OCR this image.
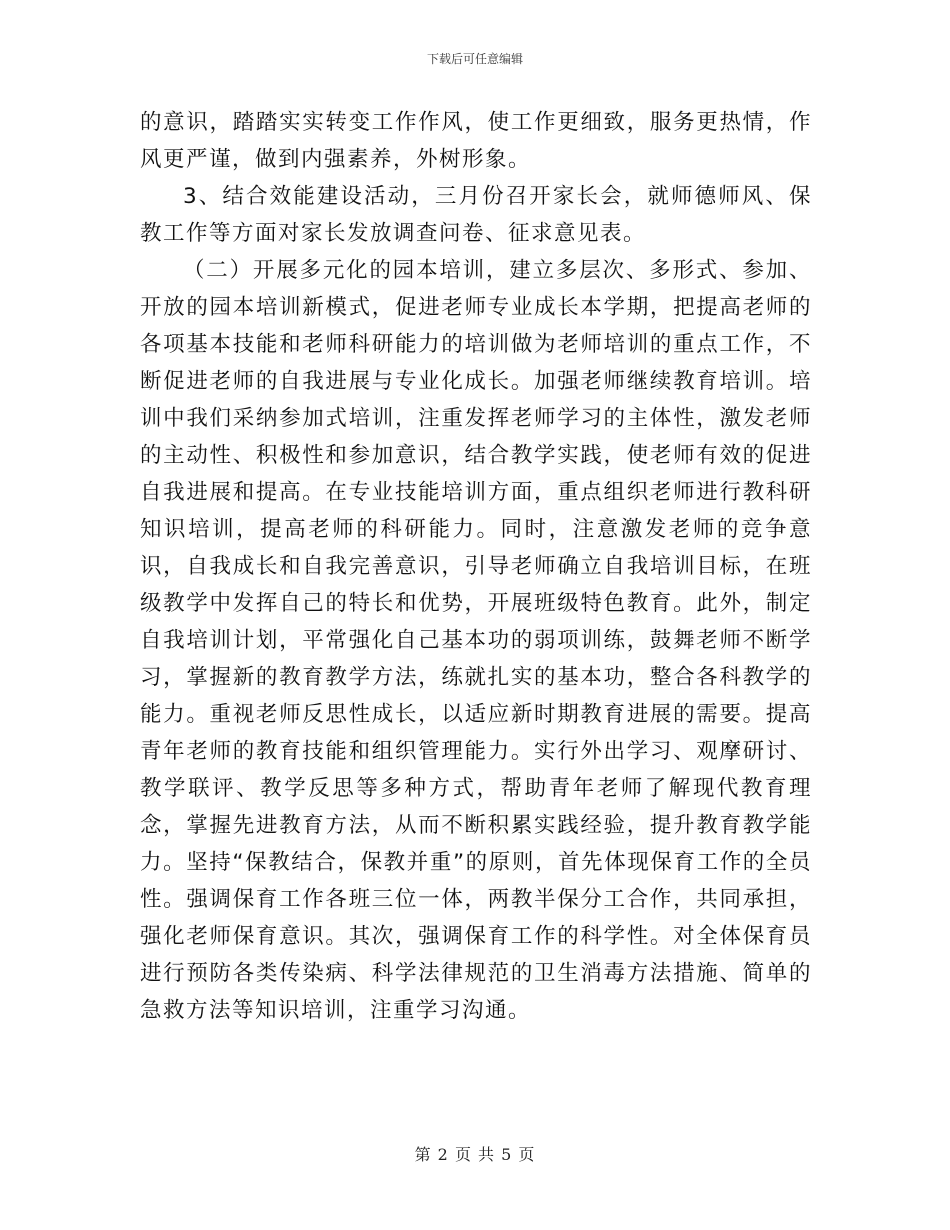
下载后可任意编辑

的意识，踏踏实实转变工作作风，使工作更细致，服务更热情，作风更严谨，做到内强素养，外树形象。

3、结合效能建设活动，三月份召开家长会，就师德师风、保教工作等方面对家长发放调查问卷、征求意见表。

（二）开展多元化的园本培训，建立多层次、多形式、参加、开放的园本培训新模式，促进老师专业成长本学期，把提高老师的各项基本技能和老师科研能力的培训做为老师培训的重点工作，不断促进老师的自我进展与专业化成长。加强老师继续教育培训。培训中我们采纳参加式培训，注重发挥老师学习的主体性，激发老师的主动性、积极性和参加意识，结合教学实践，使老师有效的促进自我进展和提高。在专业技能培训方面，重点组织老师进行教科研知识培训，提高老师的科研能力。同时，注意激发老师的竞争意识，自我成长和自我完善意识，引导老师确立自我培训目标，在班级教学中发挥自己的特长和优势，开展班级特色教育。此外，制定自我培训计划，平常强化自己基本功的弱项训练，鼓舞老师不断学习，掌握新的教育教学方法，练就扎实的基本功，整合各科教学的能力。重视老师反思性成长，以适应新时期教育进展的需要。提高青年老师的教育技能和组织管理能力。实行外出学习、观摩研讨、教学联评、教学反思等多种方式，帮助青年老师了解现代教育理念，掌握先进教育方法，从而不断积累实践经验，提升教育教学能力。坚持“保教结合，保教并重”的原则，首先体现保育工作的全员性。强调保育工作各班三位一体，两教半保分工合作，共同承担，强化老师保育意识。其次，强调保育工作的科学性。对全体保育员进行预防各类传染病、科学法律规范的卫生消毒方法措施、简单的急救方法等知识培训，注重学习沟通。

第 2 页 共 5 页
